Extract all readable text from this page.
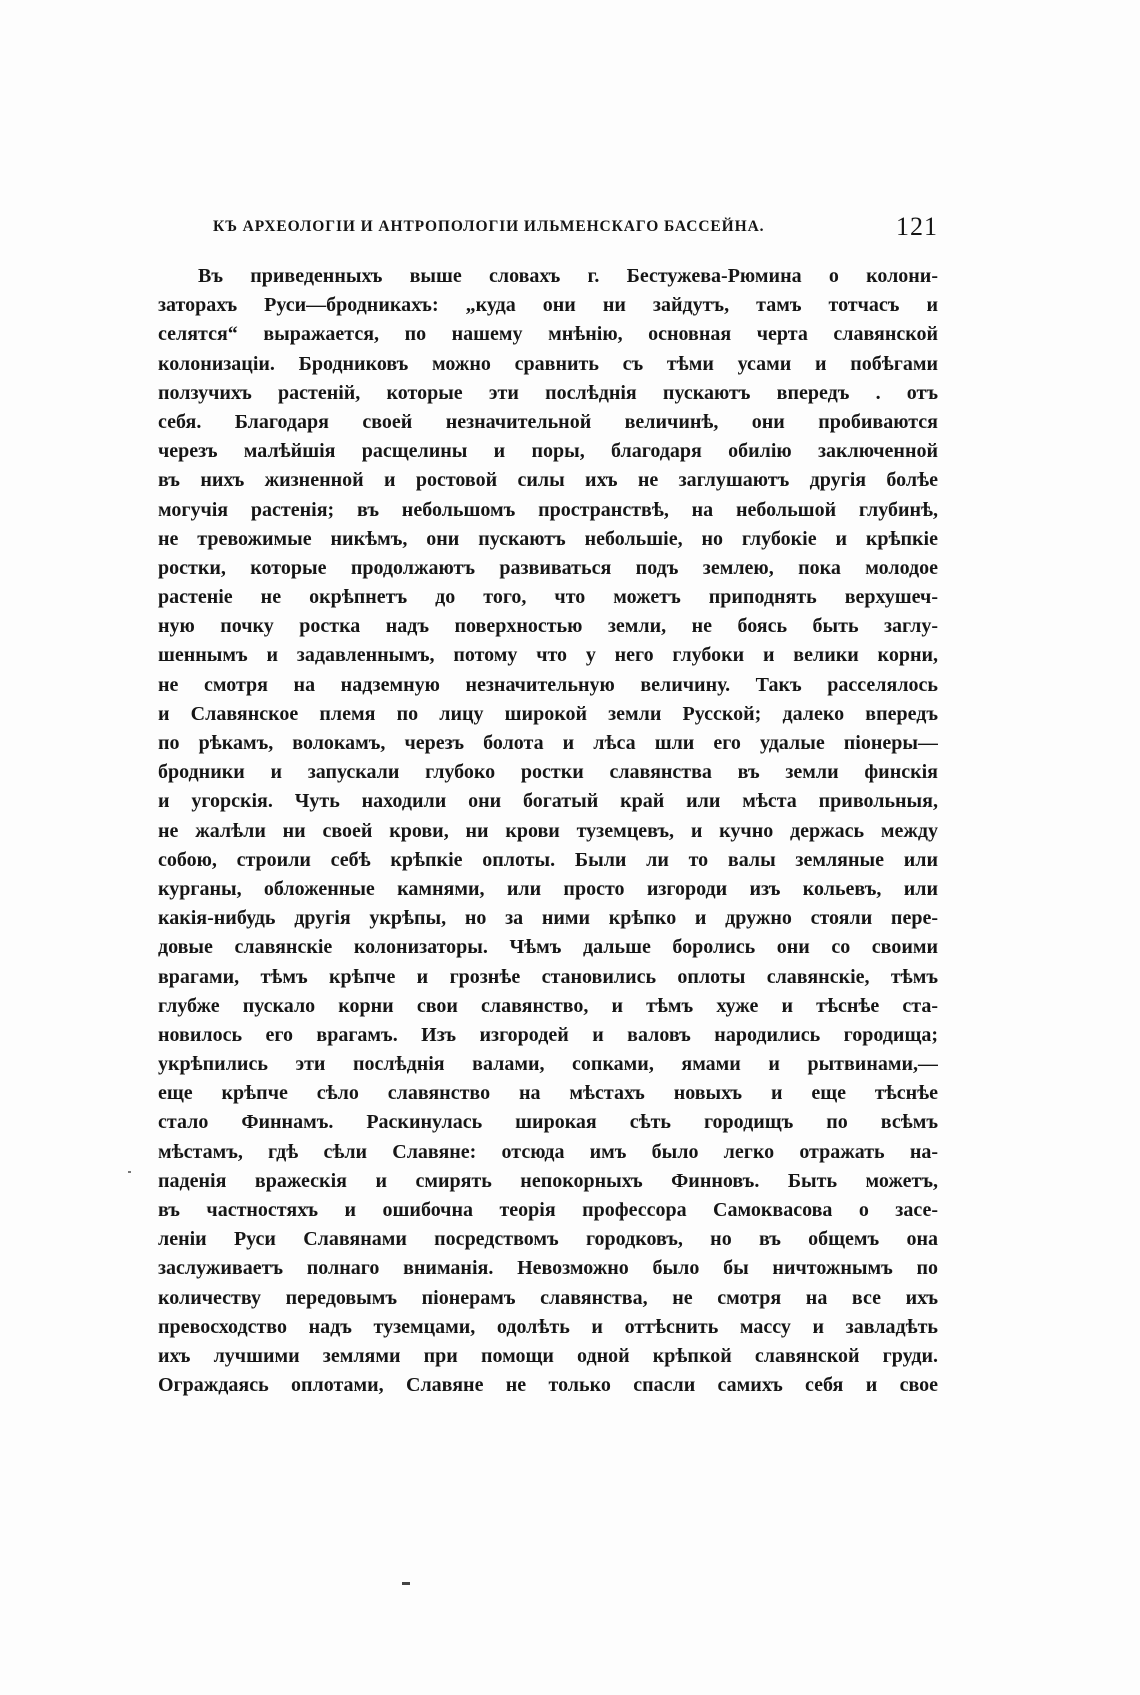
КЪ АРХЕОЛОГІИ И АНТРОПОЛОГІИ ИЛЬМЕНСКАГО БАССЕЙНА.	121
Въ приведенныхъ выше словахъ г. Бестужева-Рюмина о колони-
заторахъ Руси—бродникахъ: „куда они ни зайдутъ, тамъ тотчасъ и
селятся“ выражается, по нашему мнѣнію, основная черта славянской
колонизаціи. Бродниковъ можно сравнить съ тѣми усами и побѣгами
ползучихъ растеній, которые эти послѣднія пускаютъ впередъ . отъ
себя. Благодаря своей незначительной величинѣ, они пробиваются
черезъ малѣйшія расщелины и поры, благодаря обилію заключенной
въ нихъ жизненной и ростовой силы ихъ не заглушаютъ другія болѣе
могучія растенія; въ небольшомъ пространствѣ, на небольшой глубинѣ,
не тревожимые никѣмъ, они пускаютъ небольшіе, но глубокіе и крѣпкіе
ростки, которые продолжаютъ развиваться подъ землею, пока молодое
растеніе не окрѣпнетъ до того, что можетъ приподнять верхушеч-
ную почку ростка надъ поверхностью земли, не боясь быть заглу-
шеннымъ и задавленнымъ, потому что у него глубоки и велики корни,
не смотря на надземную незначительную величину. Такъ расселялось
и Славянское племя по лицу широкой земли Русской; далеко впередъ
по рѣкамъ, волокамъ, черезъ болота и лѣса шли его удалые піонеры—
бродники и запускали глубоко ростки славянства въ земли финскія
и угорскія. Чуть находили они богатый край или мѣста привольныя,
не жалѣли ни своей крови, ни крови туземцевъ, и кучно держась между
собою, строили себѣ крѣпкіе оплоты. Были ли то валы земляные или
курганы, обложенные камнями, или просто изгороди изъ кольевъ, или
какія-нибудь другія укрѣпы, но за ними крѣпко и дружно стояли пере-
довые славянскіе колонизаторы. Чѣмъ дальше боролись они со своими
врагами, тѣмъ крѣпче и грознѣе становились оплоты славянскіе, тѣмъ
глубже пускало корни свои славянство, и тѣмъ хуже и тѣснѣе ста-
новилось его врагамъ. Изъ изгородей и валовъ народились городища;
укрѣпились эти послѣднія валами, сопками, ямами и рытвинами,—
еще крѣпче сѣло славянство на мѣстахъ новыхъ и еще тѣснѣе
стало Финнамъ. Раскинулась широкая сѣть городищъ по всѣмъ
мѣстамъ, гдѣ сѣли Славяне: отсюда имъ было легко отражать на-
паденія вражескія и смирять непокорныхъ Финновъ. Быть можетъ,
въ частностяхъ и ошибочна теорія профессора Самоквасова о засе-
леніи Руси Славянами посредствомъ городковъ, но въ общемъ она
заслуживаетъ полнаго вниманія. Невозможно было бы ничтожнымъ по
количеству передовымъ піонерамъ славянства, не смотря на все ихъ
превосходство надъ туземцами, одолѣть и оттѣснить массу и завладѣть
ихъ лучшими землями при помощи одной крѣпкой славянской груди.
Ограждаясь оплотами, Славяне не только спасли самихъ себя и свое
